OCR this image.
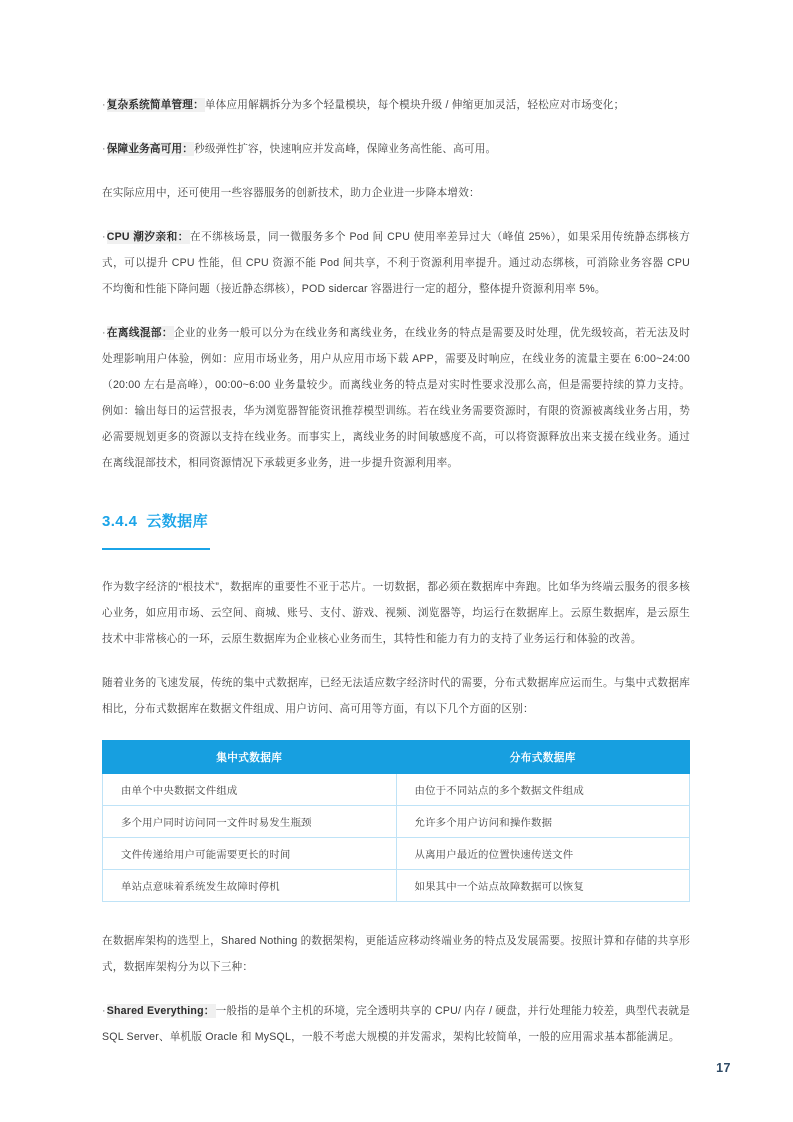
·复杂系统简单管理：单体应用解耦拆分为多个轻量模块，每个模块升级 / 伸缩更加灵活，轻松应对市场变化；

·保障业务高可用：秒级弹性扩容，快速响应并发高峰，保障业务高性能、高可用。

在实际应用中，还可使用一些容器服务的创新技术，助力企业进一步降本增效：

·CPU 潮汐亲和：在不绑核场景，同一微服务多个 Pod 间 CPU 使用率差异过大（峰值 25%），如果采用传统静态绑核方式，可以提升 CPU 性能，但 CPU 资源不能 Pod 间共享，不利于资源利用率提升。通过动态绑核，可消除业务容器 CPU 不均衡和性能下降问题（接近静态绑核），POD sidercar 容器进行一定的超分，整体提升资源利用率 5%。

·在离线混部：企业的业务一般可以分为在线业务和离线业务，在线业务的特点是需要及时处理，优先级较高，若无法及时处理影响用户体验，例如：应用市场业务，用户从应用市场下载 APP，需要及时响应，在线业务的流量主要在 6:00~24:00（20:00 左右是高峰），00:00~6:00 业务量较少。而离线业务的特点是对实时性要求没那么高，但是需要持续的算力支持。例如：输出每日的运营报表，华为浏览器智能资讯推荐模型训练。若在线业务需要资源时，有限的资源被离线业务占用，势必需要规划更多的资源以支持在线业务。而事实上，离线业务的时间敏感度不高，可以将资源释放出来支援在线业务。通过在离线混部技术，相同资源情况下承载更多业务，进一步提升资源利用率。

3.4.4 云数据库

作为数字经济的“根技术”，数据库的重要性不亚于芯片。一切数据，都必须在数据库中奔跑。比如华为终端云服务的很多核心业务，如应用市场、云空间、商城、账号、支付、游戏、视频、浏览器等，均运行在数据库上。云原生数据库，是云原生技术中非常核心的一环，云原生数据库为企业核心业务而生，其特性和能力有力的支持了业务运行和体验的改善。

随着业务的飞速发展，传统的集中式数据库，已经无法适应数字经济时代的需要，分布式数据库应运而生。与集中式数据库相比，分布式数据库在数据文件组成、用户访问、高可用等方面，有以下几个方面的区别：

集中式数据库	分布式数据库
由单个中央数据文件组成	由位于不同站点的多个数据文件组成
多个用户同时访问同一文件时易发生瓶颈	允许多个用户访问和操作数据
文件传递给用户可能需要更长的时间	从离用户最近的位置快速传送文件
单站点意味着系统发生故障时停机	如果其中一个站点故障数据可以恢复

在数据库架构的选型上，Shared Nothing 的数据架构，更能适应移动终端业务的特点及发展需要。按照计算和存储的共享形式，数据库架构分为以下三种：

·Shared Everything：一般指的是单个主机的环境，完全透明共享的 CPU/ 内存 / 硬盘，并行处理能力较差，典型代表就是 SQL Server、单机版 Oracle 和 MySQL，一般不考虑大规模的并发需求，架构比较简单，一般的应用需求基本都能满足。

17
